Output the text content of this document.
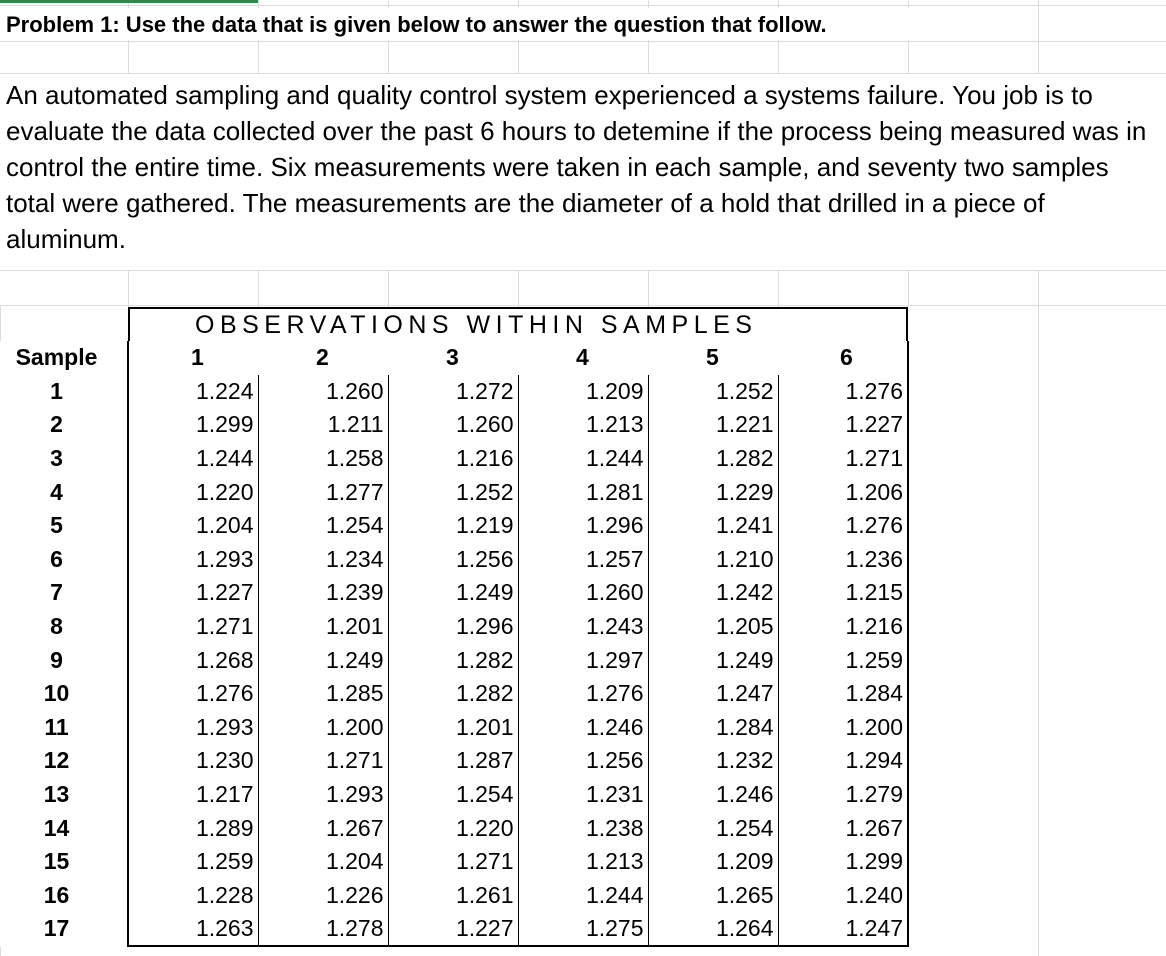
Problem 1: Use the data that is given below to answer the question that follow.
An automated sampling and quality control system experienced a systems failure. You job is to evaluate the data collected over the past 6 hours to detemine if the process being measured was in control the entire time. Six measurements were taken in each sample, and seventy two samples total were gathered. The measurements are the diameter of a hold that drilled in a piece of aluminum.
OBSERVATIONS WITHIN SAMPLES
Sample	1	2	3	4	5	6
1	1.224	1.260	1.272	1.209	1.252	1.276
2	1.299	1.211	1.260	1.213	1.221	1.227
3	1.244	1.258	1.216	1.244	1.282	1.271
4	1.220	1.277	1.252	1.281	1.229	1.206
5	1.204	1.254	1.219	1.296	1.241	1.276
6	1.293	1.234	1.256	1.257	1.210	1.236
7	1.227	1.239	1.249	1.260	1.242	1.215
8	1.271	1.201	1.296	1.243	1.205	1.216
9	1.268	1.249	1.282	1.297	1.249	1.259
10	1.276	1.285	1.282	1.276	1.247	1.284
11	1.293	1.200	1.201	1.246	1.284	1.200
12	1.230	1.271	1.287	1.256	1.232	1.294
13	1.217	1.293	1.254	1.231	1.246	1.279
14	1.289	1.267	1.220	1.238	1.254	1.267
15	1.259	1.204	1.271	1.213	1.209	1.299
16	1.228	1.226	1.261	1.244	1.265	1.240
17	1.263	1.278	1.227	1.275	1.264	1.247
